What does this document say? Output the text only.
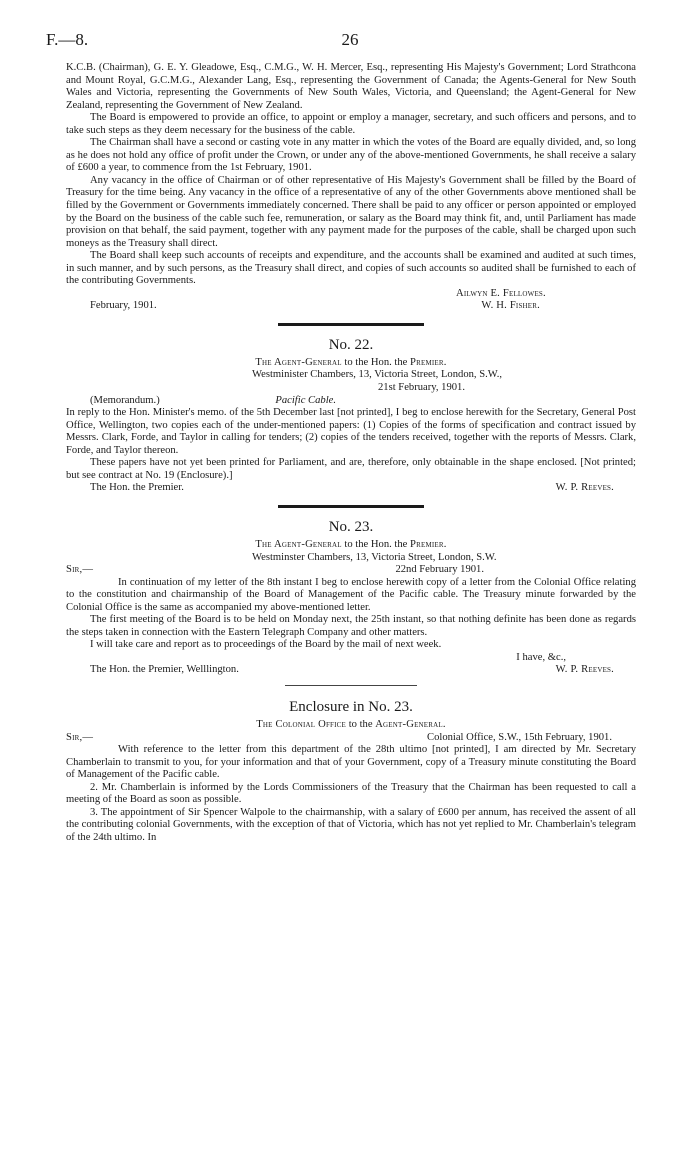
F.—8.	26

K.C.B. (Chairman), G. E. Y. Gleadowe, Esq., C.M.G., W. H. Mercer, Esq., representing His Majesty's Government; Lord Strathcona and Mount Royal, G.C.M.G., Alexander Lang, Esq., representing the Government of Canada; the Agents-General for New South Wales and Victoria, representing the Governments of New South Wales, Victoria, and Queensland; the Agent-General for New Zealand, representing the Government of New Zealand.

The Board is empowered to provide an office, to appoint or employ a manager, secretary, and such officers and persons, and to take such steps as they deem necessary for the business of the cable.

The Chairman shall have a second or casting vote in any matter in which the votes of the Board are equally divided, and, so long as he does not hold any office of profit under the Crown, or under any of the above-mentioned Governments, he shall receive a salary of £600 a year, to commence from the 1st February, 1901.

Any vacancy in the office of Chairman or of other representative of His Majesty's Government shall be filled by the Board of Treasury for the time being. Any vacancy in the office of a representative of any of the other Governments above mentioned shall be filled by the Government or Governments immediately concerned. There shall be paid to any officer or person appointed or employed by the Board on the business of the cable such fee, remuneration, or salary as the Board may think fit, and, until Parliament has made provision on that behalf, the said payment, together with any payment made for the purposes of the cable, shall be charged upon such moneys as the Treasury shall direct.

The Board shall keep such accounts of receipts and expenditure, and the accounts shall be examined and audited at such times, in such manner, and by such persons, as the Treasury shall direct, and copies of such accounts so audited shall be furnished to each of the contributing Governments.

Ailwyn E. Fellowes.
February, 1901.	W. H. Fisher.
No. 22.
The Agent-General to the Hon. the Premier.
Westminister Chambers, 13, Victoria Street, London, S.W.,
21st February, 1901.
(Memorandum.)	Pacific Cable.

In reply to the Hon. Minister's memo. of the 5th December last [not printed], I beg to enclose herewith for the Secretary, General Post Office, Wellington, two copies each of the under-mentioned papers: (1) Copies of the forms of specification and contract issued by Messrs. Clark, Forde, and Taylor in calling for tenders; (2) copies of the tenders received, together with the reports of Messrs. Clark, Forde, and Taylor thereon.

These papers have not yet been printed for Parliament, and are, therefore, only obtainable in the shape enclosed. [Not printed; but see contract at No. 19 (Enclosure).]

The Hon. the Premier.	W. P. Reeves.
No. 23.
The Agent-General to the Hon. the Premier.
Westminster Chambers, 13, Victoria Street, London, S.W.
Sir,—	22nd February 1901.

In continuation of my letter of the 8th instant I beg to enclose herewith copy of a letter from the Colonial Office relating to the constitution and chairmanship of the Board of Management of the Pacific cable. The Treasury minute forwarded by the Colonial Office is the same as accompanied my above-mentioned letter.

The first meeting of the Board is to be held on Monday next, the 25th instant, so that nothing definite has been done as regards the steps taken in connection with the Eastern Telegraph Company and other matters.

I will take care and report as to proceedings of the Board by the mail of next week.

I have, &c.,
The Hon. the Premier, Welllington.	W. P. Reeves.
Enclosure in No. 23.
The Colonial Office to the Agent-General.
Sir,—	Colonial Office, S.W., 15th February, 1901.

With reference to the letter from this department of the 28th ultimo [not printed], I am directed by Mr. Secretary Chamberlain to transmit to you, for your information and that of your Government, copy of a Treasury minute constituting the Board of Management of the Pacific cable.

2. Mr. Chamberlain is informed by the Lords Commissioners of the Treasury that the Chairman has been requested to call a meeting of the Board as soon as possible.

3. The appointment of Sir Spencer Walpole to the chairmanship, with a salary of £600 per annum, has received the assent of all the contributing colonial Governments, with the exception of that of Victoria, which has not yet replied to Mr. Chamberlain's telegram of the 24th ultimo. In
